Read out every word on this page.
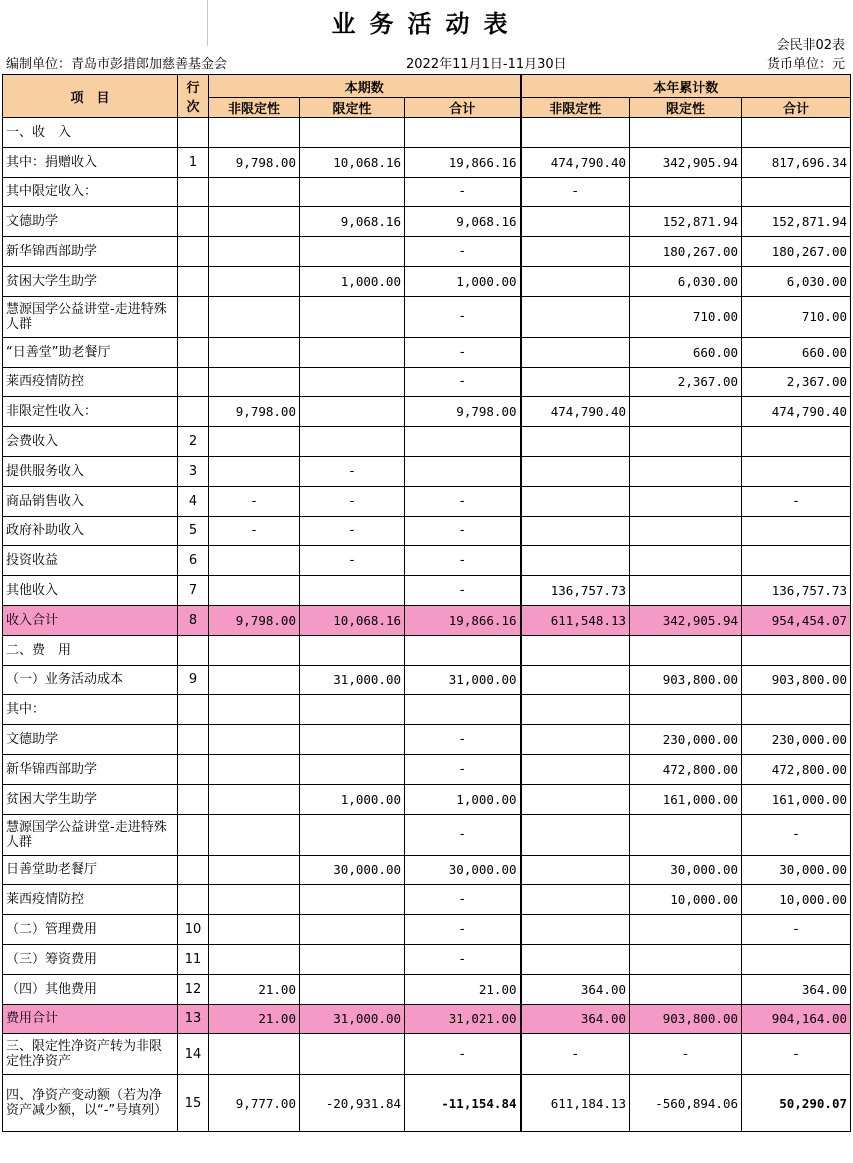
业务活动表
会民非02表
编制单位：青岛市彭措郎加慈善基金会	2022年11月1日-11月30日	货币单位：元
项　目	行次	本期数			本年累计数		
		非限定性	限定性	合计	非限定性	限定性	合计
一、收　入							
其中：捐赠收入	1	9,798.00	10,068.16	19,866.16	474,790.40	342,905.94	817,696.34
其中限定收入：				-	-		
文德助学			9,068.16	9,068.16		152,871.94	152,871.94
新华锦西部助学				-		180,267.00	180,267.00
贫困大学生助学			1,000.00	1,000.00		6,030.00	6,030.00
慧源国学公益讲堂-走进特殊人群				-		710.00	710.00
“日善堂”助老餐厅				-		660.00	660.00
莱西疫情防控				-		2,367.00	2,367.00
非限定性收入：		9,798.00		9,798.00	474,790.40		474,790.40
会费收入	2						
提供服务收入	3		-				
商品销售收入	4	-	-	-			-
政府补助收入	5	-	-	-			
投资收益	6		-	-			
其他收入	7			-	136,757.73		136,757.73
收入合计	8	9,798.00	10,068.16	19,866.16	611,548.13	342,905.94	954,454.07
二、费　用							
（一）业务活动成本	9		31,000.00	31,000.00		903,800.00	903,800.00
其中：							
文德助学				-		230,000.00	230,000.00
新华锦西部助学				-		472,800.00	472,800.00
贫困大学生助学			1,000.00	1,000.00		161,000.00	161,000.00
慧源国学公益讲堂-走进特殊人群				-			-
日善堂助老餐厅			30,000.00	30,000.00		30,000.00	30,000.00
莱西疫情防控				-		10,000.00	10,000.00
（二）管理费用	10			-			-
（三）筹资费用	11			-			
（四）其他费用	12	21.00		21.00	364.00		364.00
费用合计	13	21.00	31,000.00	31,021.00	364.00	903,800.00	904,164.00
三、限定性净资产转为非限定性净资产	14			-	-	-	-
四、净资产变动额（若为净资产减少额，以“-”号填列）	15	9,777.00	-20,931.84	-11,154.84	611,184.13	-560,894.06	50,290.07
